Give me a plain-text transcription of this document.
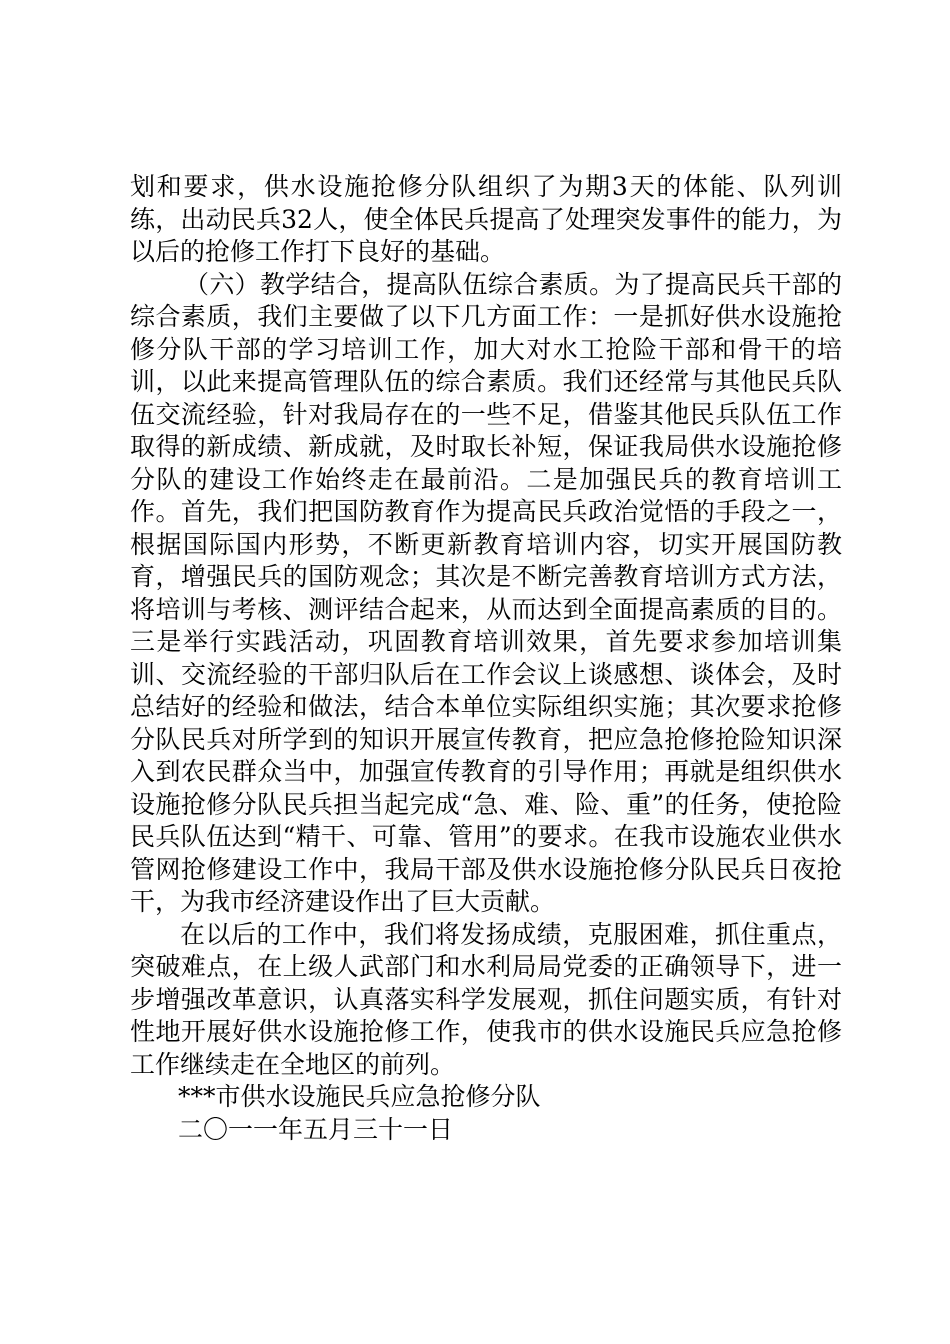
划和要求，供水设施抢修分队组织了为期3天的体能、队列训练，出动民兵32人，使全体民兵提高了处理突发事件的能力，为以后的抢修工作打下良好的基础。

（六）教学结合，提高队伍综合素质。为了提高民兵干部的综合素质，我们主要做了以下几方面工作：一是抓好供水设施抢修分队干部的学习培训工作，加大对水工抢险干部和骨干的培训，以此来提高管理队伍的综合素质。我们还经常与其他民兵队伍交流经验，针对我局存在的一些不足，借鉴其他民兵队伍工作取得的新成绩、新成就，及时取长补短，保证我局供水设施抢修分队的建设工作始终走在最前沿。二是加强民兵的教育培训工作。首先，我们把国防教育作为提高民兵政治觉悟的手段之一，根据国际国内形势，不断更新教育培训内容，切实开展国防教育，增强民兵的国防观念；其次是不断完善教育培训方式方法，将培训与考核、测评结合起来，从而达到全面提高素质的目的。三是举行实践活动，巩固教育培训效果，首先要求参加培训集训、交流经验的干部归队后在工作会议上谈感想、谈体会，及时总结好的经验和做法，结合本单位实际组织实施；其次要求抢修分队民兵对所学到的知识开展宣传教育，把应急抢修抢险知识深入到农民群众当中，加强宣传教育的引导作用；再就是组织供水设施抢修分队民兵担当起完成“急、难、险、重”的任务，使抢险民兵队伍达到“精干、可靠、管用”的要求。在我市设施农业供水管网抢修建设工作中，我局干部及供水设施抢修分队民兵日夜抢干，为我市经济建设作出了巨大贡献。

在以后的工作中，我们将发扬成绩，克服困难，抓住重点，突破难点，在上级人武部门和水利局局党委的正确领导下，进一步增强改革意识，认真落实科学发展观，抓住问题实质，有针对性地开展好供水设施抢修工作，使我市的供水设施民兵应急抢修工作继续走在全地区的前列。

***市供水设施民兵应急抢修分队

二〇一一年五月三十一日
